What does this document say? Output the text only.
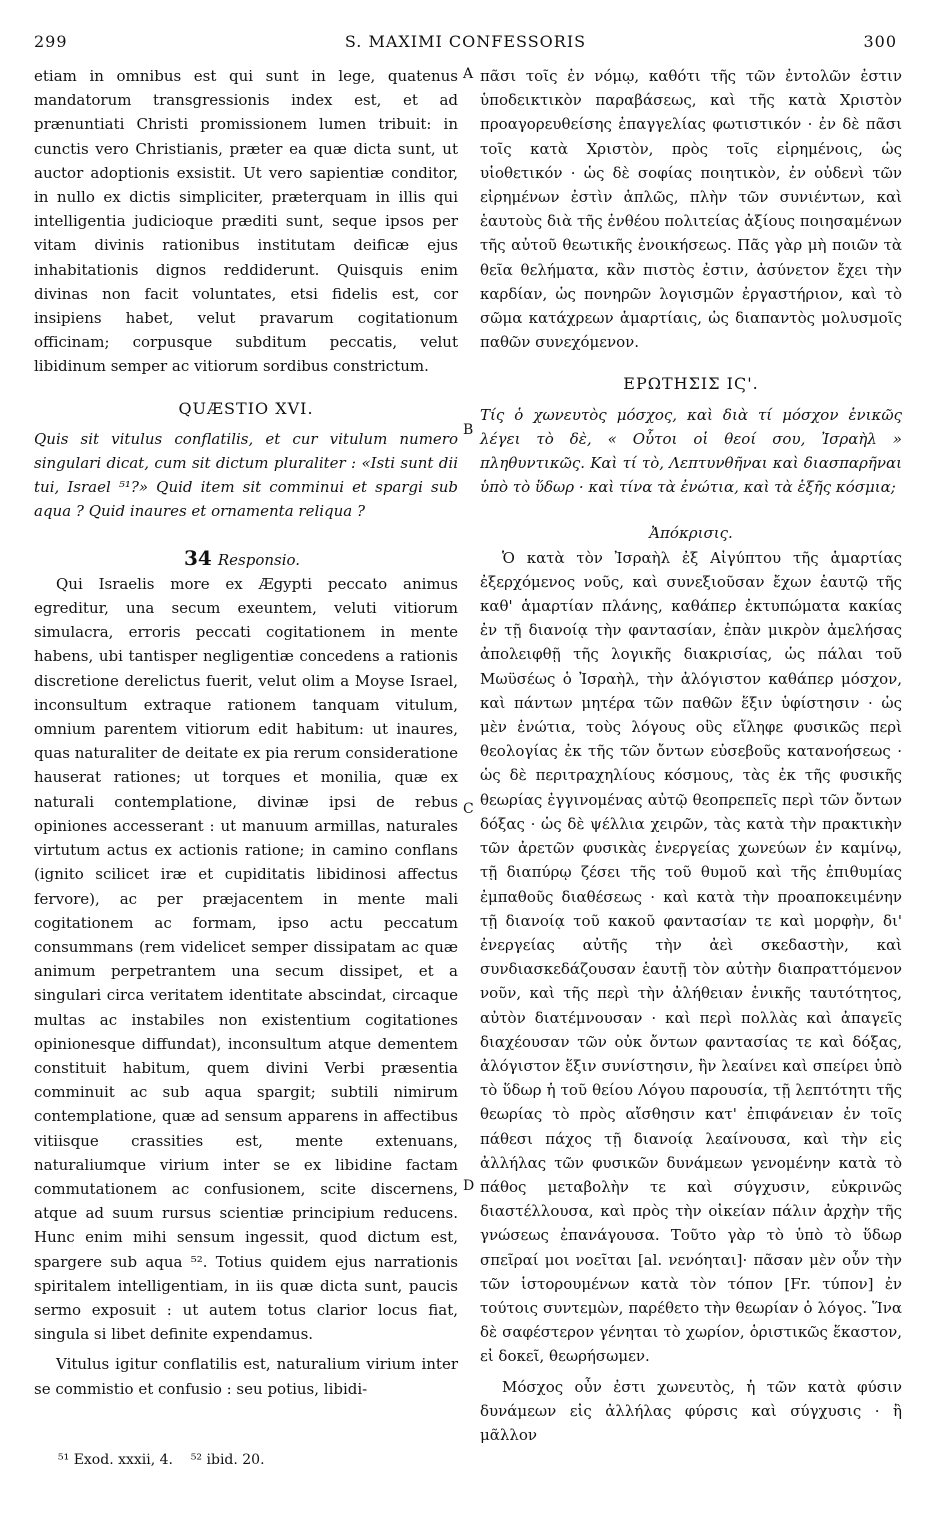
299	S. MAXIMI CONFESSORIS	300
A
B
C
D

etiam in omnibus est qui sunt in lege, quatenus mandatorum transgressionis index est, et ad prænuntiati Christi promissionem lumen tribuit: in cunctis vero Christianis, præter ea quæ dicta sunt, ut auctor adoptionis exsistit. Ut vero sapientiæ conditor, in nullo ex dictis simpliciter, præterquam in illis qui intelligentia judicioque præditi sunt, seque ipsos per vitam divinis rationibus institutam deificæ ejus inhabitationis dignos reddiderunt. Quisquis enim divinas non facit voluntates, etsi fidelis est, cor insipiens habet, velut pravarum cogitationum officinam; corpusque subditum peccatis, velut libidinum semper ac vitiorum sordibus constrictum.

QUÆSTIO XVI.

Quis sit vitulus conflatilis, et cur vitulum numero singulari dicat, cum sit dictum pluraliter : «Isti sunt dii tui, Israel ⁵¹?» Quid item sit comminui et spargi sub aqua ? Quid inaures et ornamenta reliqua ?

34 Responsio.

Qui Israelis more ex Ægypti peccato animus egreditur, una secum exeuntem, veluti vitiorum simulacra, erroris peccati cogitationem in mente habens, ubi tantisper negligentiæ concedens a rationis discretione derelictus fuerit, velut olim a Moyse Israel, inconsultum extraque rationem tanquam vitulum, omnium parentem vitiorum edit habitum: ut inaures, quas naturaliter de deitate ex pia rerum consideratione hauserat rationes; ut torques et monilia, quæ ex naturali contemplatione, divinæ ipsi de rebus opiniones accesserant : ut manuum armillas, naturales virtutum actus ex actionis ratione; in camino conflans (ignito scilicet iræ et cupiditatis libidinosi affectus fervore), ac per præjacentem in mente mali cogitationem ac formam, ipso actu peccatum consummans (rem videlicet semper dissipatam ac quæ animum perpetrantem una secum dissipet, et a singulari circa veritatem identitate abscindat, circaque multas ac instabiles non existentium cogitationes opinionesque diffundat), inconsultum atque dementem constituit habitum, quem divini Verbi præsentia comminuit ac sub aqua spargit; subtili nimirum contemplatione, quæ ad sensum apparens in affectibus vitiisque crassities est, mente extenuans, naturaliumque virium inter se ex libidine factam commutationem ac confusionem, scite discernens, atque ad suum rursus scientiæ principium reducens. Hunc enim mihi sensum ingessit, quod dictum est, spargere sub aqua ⁵². Totius quidem ejus narrationis spiritalem intelligentiam, in iis quæ dicta sunt, paucis sermo exposuit : ut autem totus clarior locus fiat, singula si libet definite expendamus.

Vitulus igitur conflatilis est, naturalium virium inter se commistio et confusio : seu potius, libidi-

πᾶσι τοῖς ἐν νόμῳ, καθότι τῆς τῶν ἐντολῶν ἐστιν ὑποδεικτικὸν παραβάσεως, καὶ τῆς κατὰ Χριστὸν προαγορευθείσης ἐπαγγελίας φωτιστικόν · ἐν δὲ πᾶσι τοῖς κατὰ Χριστὸν, πρὸς τοῖς εἰρημένοις, ὡς υἱοθετικόν · ὡς δὲ σοφίας ποιητικὸν, ἐν οὐδενὶ τῶν εἰρημένων ἐστὶν ἁπλῶς, πλὴν τῶν συνιέντων, καὶ ἑαυτοὺς διὰ τῆς ἐνθέου πολιτείας ἀξίους ποιησαμένων τῆς αὐτοῦ θεωτικῆς ἐνοικήσεως. Πᾶς γὰρ μὴ ποιῶν τὰ θεῖα θελήματα, κἂν πιστὸς ἐστιν, ἀσύνετον ἔχει τὴν καρδίαν, ὡς πονηρῶν λογισμῶν ἐργαστήριον, καὶ τὸ σῶμα κατάχρεων ἁμαρτίαις, ὡς διαπαντὸς μολυσμοῖς παθῶν συνεχόμενον.

ΕΡΩΤΗΣΙΣ ΙϚ'.

Τίς ὁ χωνευτὸς μόσχος, καὶ διὰ τί μόσχον ἑνικῶς λέγει τὸ δὲ, « Οὗτοι οἱ θεοί σου, Ἰσραὴλ » πληθυντικῶς. Καὶ τί τὸ, Λεπτυνθῆναι καὶ διασπαρῆναι ὑπὸ τὸ ὕδωρ · καὶ τίνα τὰ ἐνώτια, καὶ τὰ ἑξῆς κόσμια;

Ἀπόκρισις.

Ὁ κατὰ τὸν Ἰσραὴλ ἐξ Αἰγύπτου τῆς ἁμαρτίας ἐξερχόμενος νοῦς, καὶ συνεξιοῦσαν ἔχων ἑαυτῷ τῆς καθ' ἁμαρτίαν πλάνης, καθάπερ ἐκτυπώματα κακίας ἐν τῇ διανοίᾳ τὴν φαντασίαν, ἐπὰν μικρὸν ἀμελήσας ἀπολειφθῇ τῆς λογικῆς διακρισίας, ὡς πάλαι τοῦ Μωϋσέως ὁ Ἰσραὴλ, τὴν ἀλόγιστον καθάπερ μόσχον, καὶ πάντων μητέρα τῶν παθῶν ἕξιν ὑφίστησιν · ὡς μὲν ἐνώτια, τοὺς λόγους οὓς εἴληφε φυσικῶς περὶ θεολογίας ἐκ τῆς τῶν ὄντων εὐσεβοῦς κατανοήσεως · ὡς δὲ περιτραχηλίους κόσμους, τὰς ἐκ τῆς φυσικῆς θεωρίας ἐγγινομένας αὐτῷ θεοπρεπεῖς περὶ τῶν ὄντων δόξας · ὡς δὲ ψέλλια χειρῶν, τὰς κατὰ τὴν πρακτικὴν τῶν ἀρετῶν φυσικὰς ἐνεργείας χωνεύων ἐν καμίνῳ, τῇ διαπύρῳ ζέσει τῆς τοῦ θυμοῦ καὶ τῆς ἐπιθυμίας ἐμπαθοῦς διαθέσεως · καὶ κατὰ τὴν προαποκειμένην τῇ διανοίᾳ τοῦ κακοῦ φαντασίαν τε καὶ μορφὴν, δι' ἐνεργείας αὐτῆς τὴν ἀεὶ σκεδαστὴν, καὶ συνδιασκεδάζουσαν ἑαυτῇ τὸν αὐτὴν διαπραττόμενον νοῦν, καὶ τῆς περὶ τὴν ἀλήθειαν ἑνικῆς ταυτότητος, αὐτὸν διατέμνουσαν · καὶ περὶ πολλὰς καὶ ἀπαγεῖς διαχέουσαν τῶν οὐκ ὄντων φαντασίας τε καὶ δόξας, ἀλόγιστον ἕξιν συνίστησιν, ἣν λεαίνει καὶ σπείρει ὑπὸ τὸ ὕδωρ ἡ τοῦ θείου Λόγου παρουσία, τῇ λεπτότητι τῆς θεωρίας τὸ πρὸς αἴσθησιν κατ' ἐπιφάνειαν ἐν τοῖς πάθεσι πάχος τῇ διανοίᾳ λεαίνουσα, καὶ τὴν εἰς ἀλλήλας τῶν φυσικῶν δυνάμεων γενομένην κατὰ τὸ πάθος μεταβολὴν τε καὶ σύγχυσιν, εὐκρινῶς διαστέλλουσα, καὶ πρὸς τὴν οἰκείαν πάλιν ἀρχὴν τῆς γνώσεως ἐπανάγουσα. Τοῦτο γὰρ τὸ ὑπὸ τὸ ὕδωρ σπεῖραί μοι νοεῖται [al. νενόηται]· πᾶσαν μὲν οὖν τὴν τῶν ἱστορουμένων κατὰ τὸν τόπον [Fr. τύπον] ἐν τούτοις συντεμὼν, παρέθετο τὴν θεωρίαν ὁ λόγος. Ἵνα δὲ σαφέστερον γένηται τὸ χωρίον, ὁριστικῶς ἕκαστον, εἰ δοκεῖ, θεωρήσωμεν.

Μόσχος οὖν ἐστι χωνευτὸς, ἡ τῶν κατὰ φύσιν δυνάμεων εἰς ἀλλήλας φύρσις καὶ σύγχυσις · ἢ μᾶλλον

⁵¹ Exod. xxxii, 4. ⁵² ibid. 20.
